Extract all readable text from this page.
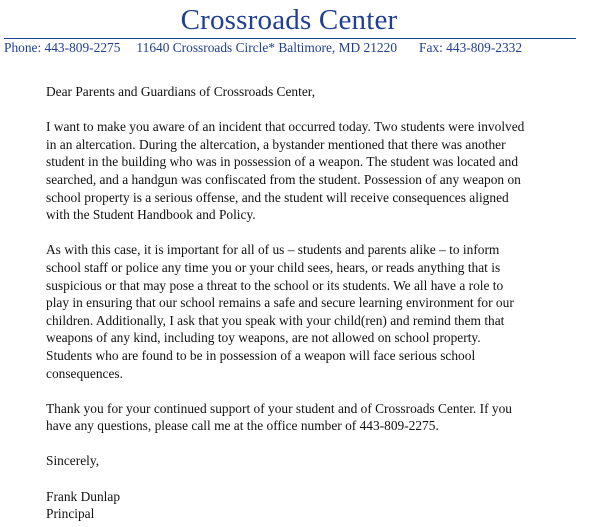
Crossroads Center
Phone: 443-809-2275 11640 Crossroads Circle* Baltimore, MD 21220 Fax: 443-809-2332

Dear Parents and Guardians of Crossroads Center,

I want to make you aware of an incident that occurred today. Two students were involved
in an altercation. During the altercation, a bystander mentioned that there was another
student in the building who was in possession of a weapon. The student was located and
searched, and a handgun was confiscated from the student. Possession of any weapon on
school property is a serious offense, and the student will receive consequences aligned
with the Student Handbook and Policy.

As with this case, it is important for all of us – students and parents alike – to inform
school staff or police any time you or your child sees, hears, or reads anything that is
suspicious or that may pose a threat to the school or its students. We all have a role to
play in ensuring that our school remains a safe and secure learning environment for our
children. Additionally, I ask that you speak with your child(ren) and remind them that
weapons of any kind, including toy weapons, are not allowed on school property.
Students who are found to be in possession of a weapon will face serious school
consequences.

Thank you for your continued support of your student and of Crossroads Center. If you
have any questions, please call me at the office number of 443-809-2275.

Sincerely,

Frank Dunlap
Principal
